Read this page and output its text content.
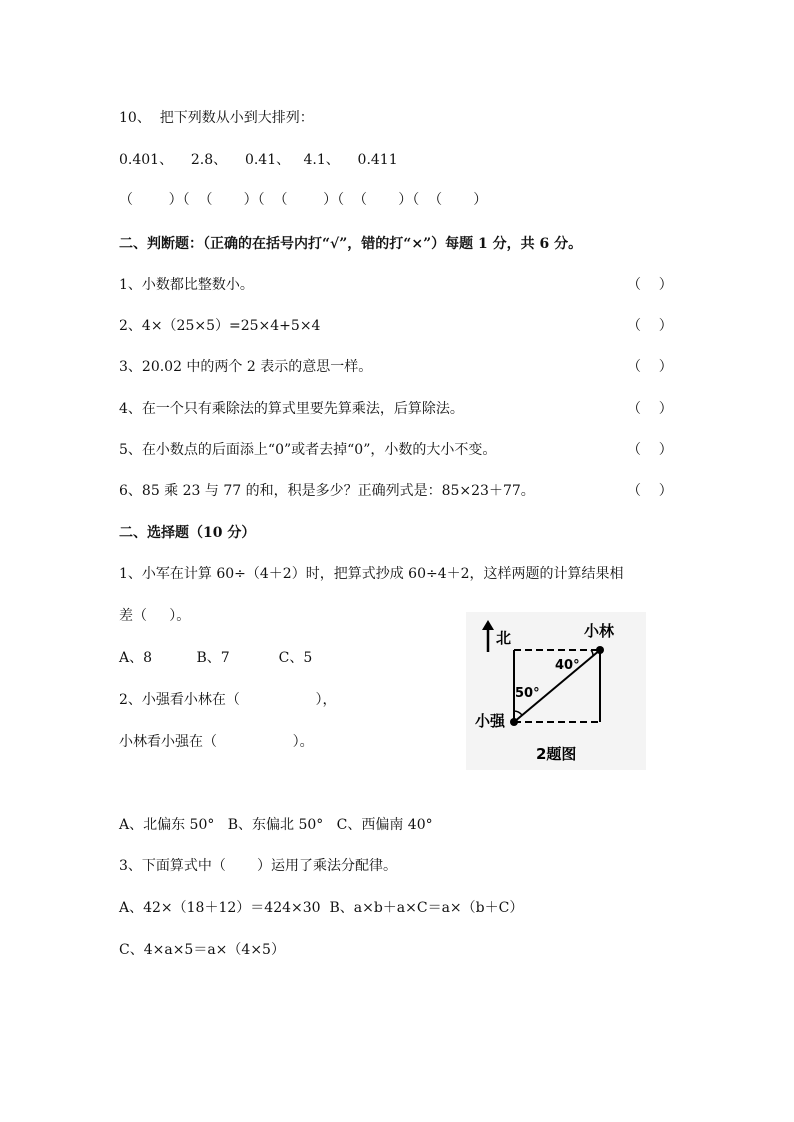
10、  把下列数从小到大排列：
0.401、    2.8、    0.41、   4.1、    0.411
（        ）（  （       ）（  （        ）（  （       ）（  （       ）
二、判断题：（正确的在括号内打“√”，错的打“×”）每题 1 分，共 6 分。
1、小数都比整数小。	（    ）
2、4×（25×5）=25×4+5×4	（    ）
3、20.02 中的两个 2 表示的意思一样。	（    ）
4、在一个只有乘除法的算式里要先算乘法，后算除法。	（    ）
5、在小数点的后面添上“0”或者去掉“0”，小数的大小不变。	（    ）
6、85 乘 23 与 77 的和，积是多少？正确列式是：85×23＋77。	（    ）
二、选择题（10 分）
1、小军在计算 60÷（4＋2）时，把算式抄成 60÷4＋2，这样两题的计算结果相
差（     ）。
A、8          B、7           C、5
2、小强看小林在（                 ），
小林看小强在（                 ）。
A、北偏东 50°   B、东偏北 50°   C、西偏南 40°
3、下面算式中（       ）运用了乘法分配律。
A、42×（18＋12）＝424×30  B、a×b＋a×C＝a×（b＋C）
C、4×a×5＝a×（4×5）
北	小林
40°
50°
小强
2题图
